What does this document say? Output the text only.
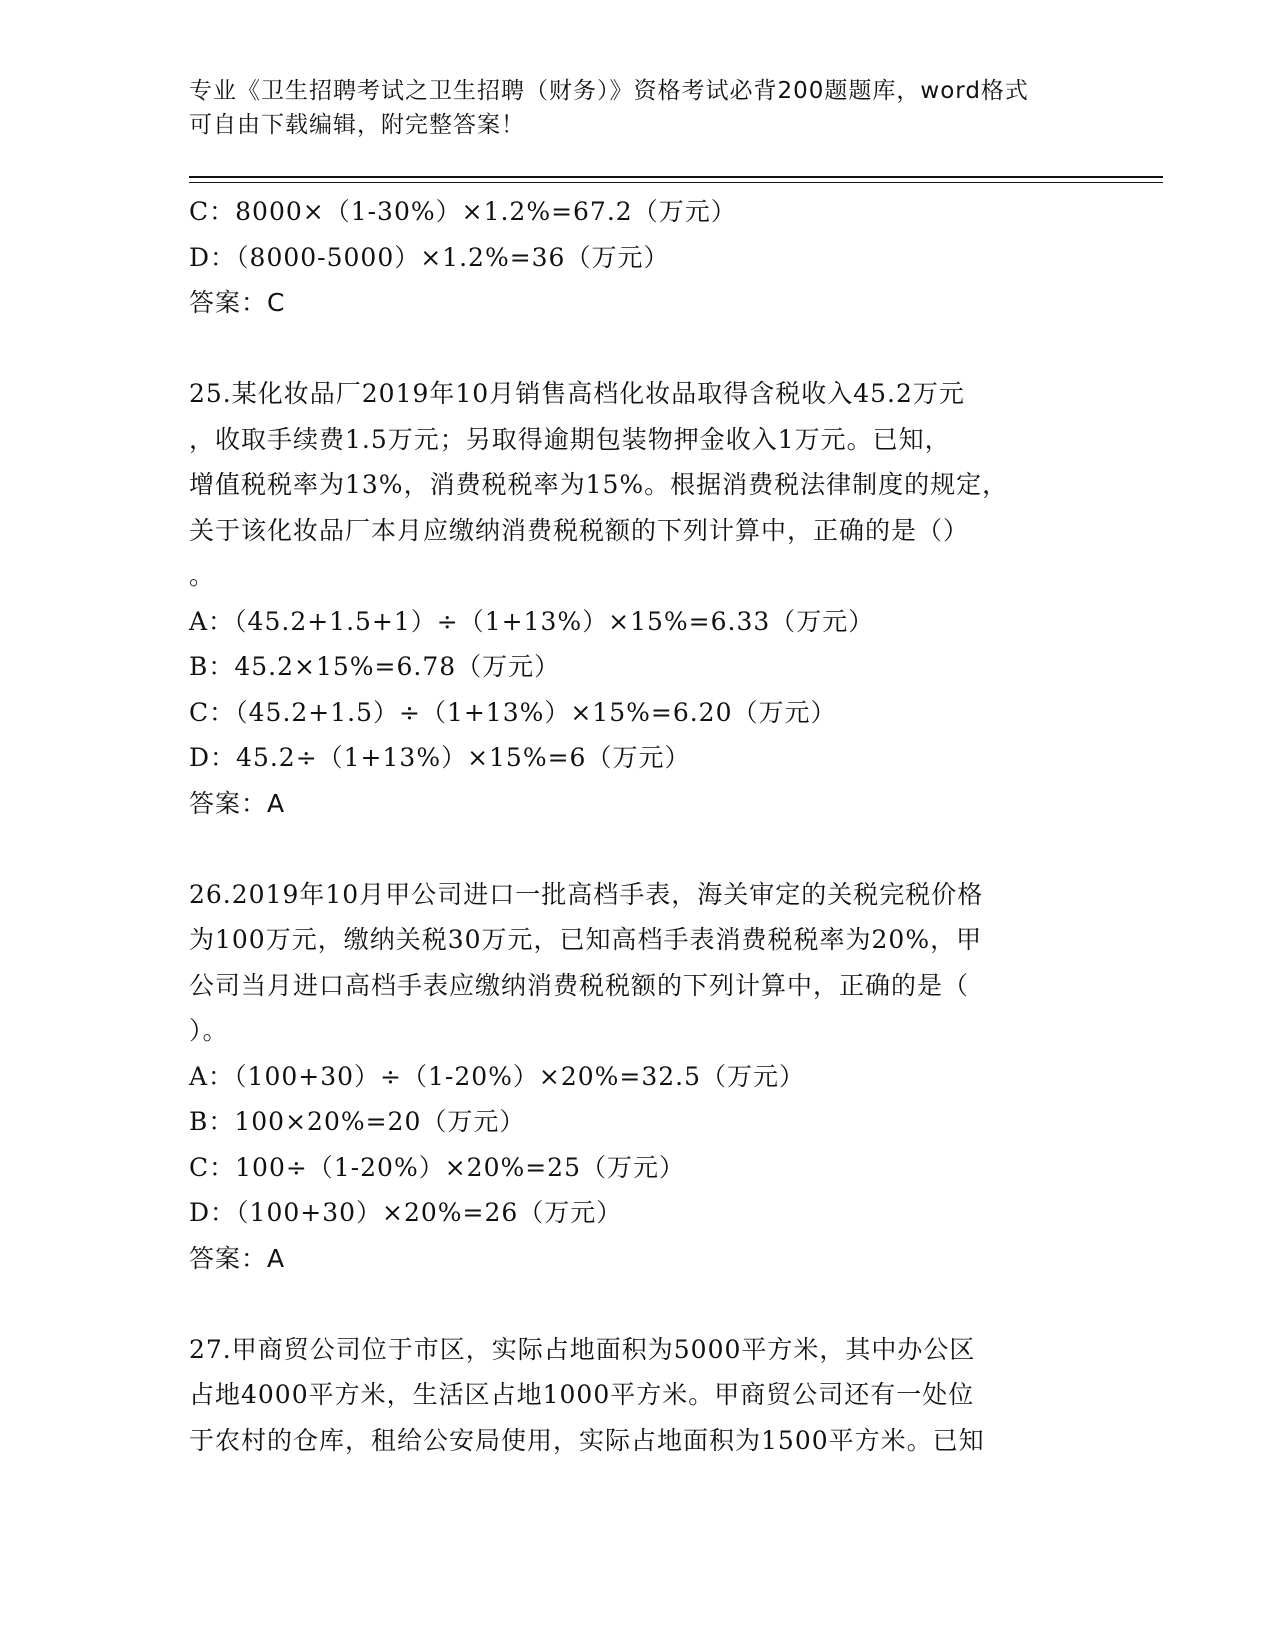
专业《卫生招聘考试之卫生招聘（财务）》资格考试必背200题题库，word格式
可自由下载编辑，附完整答案！
C：8000×（1-30%）×1.2%=67.2（万元）
D：（8000-5000）×1.2%=36（万元）
答案：C
25.某化妆品厂2019年10月销售高档化妆品取得含税收入45.2万元
，收取手续费1.5万元；另取得逾期包装物押金收入1万元。已知，
增值税税率为13%，消费税税率为15%。根据消费税法律制度的规定，
关于该化妆品厂本月应缴纳消费税税额的下列计算中，正确的是（）
。
A：（45.2+1.5+1）÷（1+13%）×15%=6.33（万元）
B：45.2×15%=6.78（万元）
C：（45.2+1.5）÷（1+13%）×15%=6.20（万元）
D：45.2÷（1+13%）×15%=6（万元）
答案：A
26.2019年10月甲公司进口一批高档手表，海关审定的关税完税价格
为100万元，缴纳关税30万元，已知高档手表消费税税率为20%，甲
公司当月进口高档手表应缴纳消费税税额的下列计算中，正确的是（
）。
A：（100+30）÷（1-20%）×20%=32.5（万元）
B：100×20%=20（万元）
C：100÷（1-20%）×20%=25（万元）
D：（100+30）×20%=26（万元）
答案：A
27.甲商贸公司位于市区，实际占地面积为5000平方米，其中办公区
占地4000平方米，生活区占地1000平方米。甲商贸公司还有一处位
于农村的仓库，租给公安局使用，实际占地面积为1500平方米。已知
